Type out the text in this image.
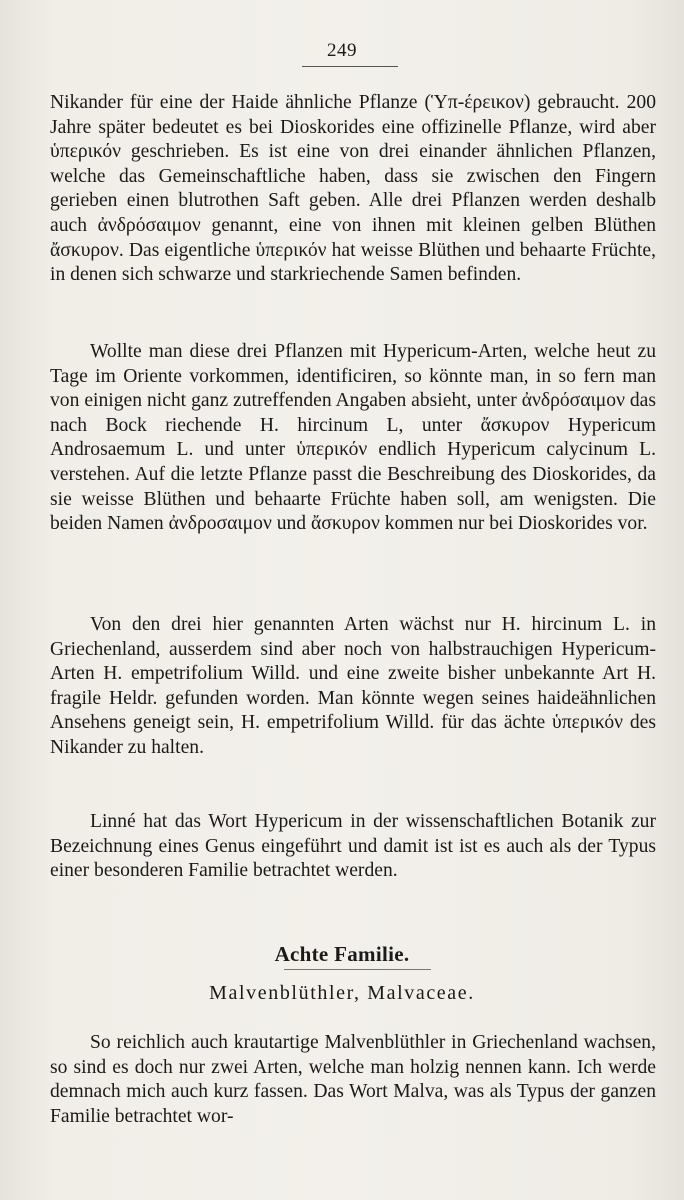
249

Nikander für eine der Haide ähnliche Pflanze (Ὑπ-έρεικον) gebraucht. 200 Jahre später bedeutet es bei Dioskorides eine offizinelle Pflanze, wird aber ὑπερικόν geschrieben. Es ist eine von drei einander ähnlichen Pflanzen, welche das Gemeinschaftliche haben, dass sie zwischen den Fingern gerieben einen blutrothen Saft geben. Alle drei Pflanzen werden deshalb auch ἀνδρόσαιμον genannt, eine von ihnen mit kleinen gelben Blüthen ἄσκυρον. Das eigentliche ὑπερικόν hat weisse Blüthen und behaarte Früchte, in denen sich schwarze und starkriechende Samen befinden.

Wollte man diese drei Pflanzen mit Hypericum-Arten, welche heut zu Tage im Oriente vorkommen, identificiren, so könnte man, in so fern man von einigen nicht ganz zutreffenden Angaben absieht, unter ἀνδρόσαιμον das nach Bock riechende H. hircinum L, unter ἄσκυρον Hypericum Androsaemum L. und unter ὑπερικόν endlich Hypericum calycinum L. verstehen. Auf die letzte Pflanze passt die Beschreibung des Dioskorides, da sie weisse Blüthen und behaarte Früchte haben soll, am wenigsten. Die beiden Namen ἀνδροσαιμον und ἄσκυρον kommen nur bei Dioskorides vor.

Von den drei hier genannten Arten wächst nur H. hircinum L. in Griechenland, ausserdem sind aber noch von halbstrauchigen Hypericum-Arten H. empetrifolium Willd. und eine zweite bisher unbekannte Art H. fragile Heldr. gefunden worden. Man könnte wegen seines haideähnlichen Ansehens geneigt sein, H. empetrifolium Willd. für das ächte ὑπερικόν des Nikander zu halten.

Linné hat das Wort Hypericum in der wissenschaftlichen Botanik zur Bezeichnung eines Genus eingeführt und damit ist ist es auch als der Typus einer besonderen Familie betrachtet werden.

Achte Familie.
Malvenblüthler, Malvaceae.

So reichlich auch krautartige Malvenblüthler in Griechenland wachsen, so sind es doch nur zwei Arten, welche man holzig nennen kann. Ich werde demnach mich auch kurz fassen. Das Wort Malva, was als Typus der ganzen Familie betrachtet wor-
